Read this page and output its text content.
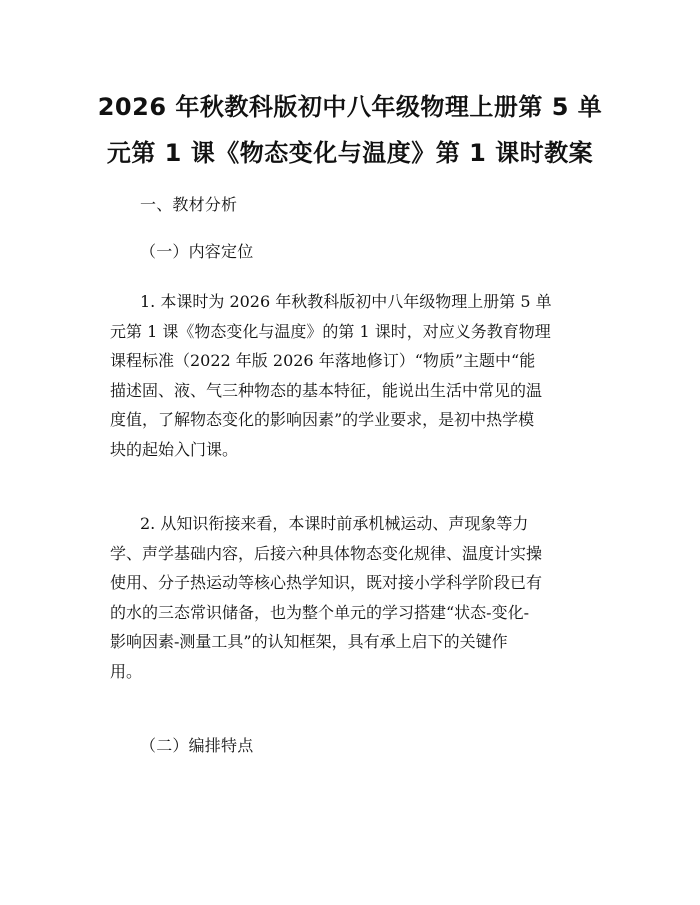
2026 年秋教科版初中八年级物理上册第 5 单
元第 1 课《物态变化与温度》第 1 课时教案
一、教材分析
（一）内容定位
1. 本课时为 2026 年秋教科版初中八年级物理上册第 5 单
元第 1 课《物态变化与温度》的第 1 课时，对应义务教育物理
课程标准（2022 年版 2026 年落地修订）“物质”主题中“能
描述固、液、气三种物态的基本特征，能说出生活中常见的温
度值，了解物态变化的影响因素”的学业要求，是初中热学模
块的起始入门课。
2. 从知识衔接来看，本课时前承机械运动、声现象等力
学、声学基础内容，后接六种具体物态变化规律、温度计实操
使用、分子热运动等核心热学知识，既对接小学科学阶段已有
的水的三态常识储备，也为整个单元的学习搭建“状态-变化-
影响因素-测量工具”的认知框架，具有承上启下的关键作
用。
（二）编排特点
